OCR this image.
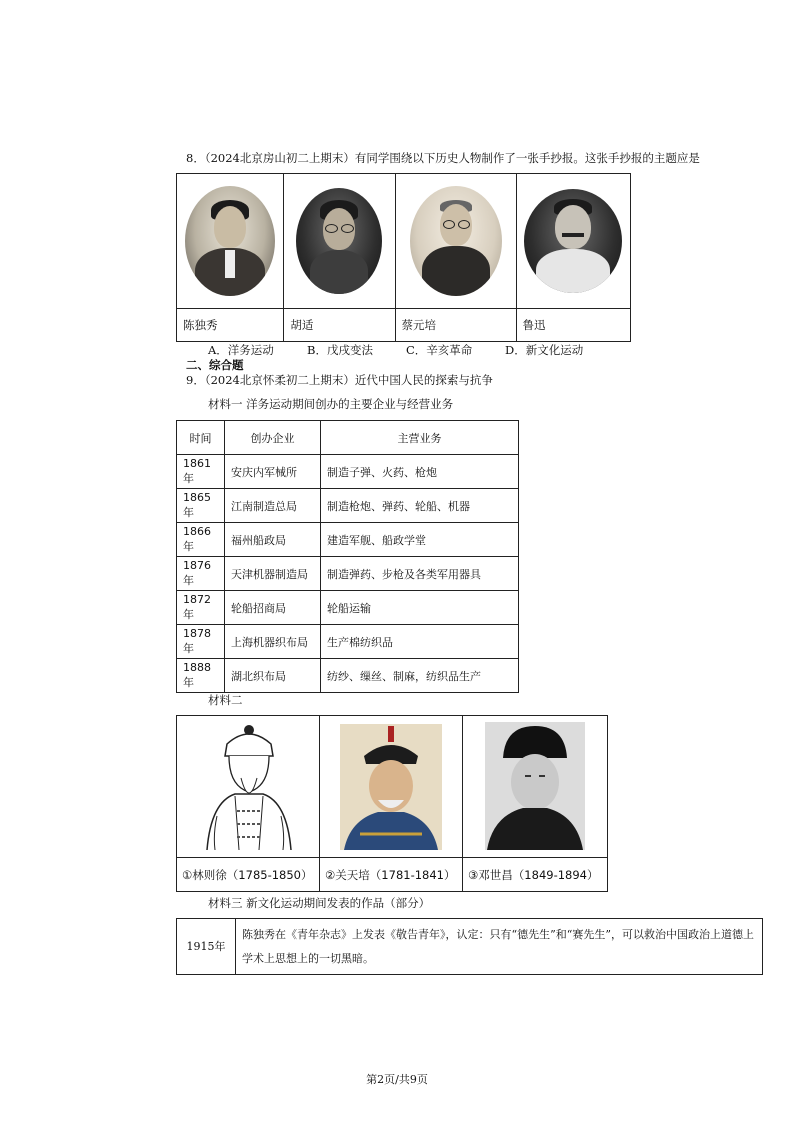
8．（2024北京房山初二上期末）有同学围绕以下历史人物制作了一张手抄报。这张手抄报的主题应是

陈独秀	胡适	蔡元培	鲁迅
A．洋务运动	B．戊戌变法	C．辛亥革命	D．新文化运动
二、综合题
9．（2024北京怀柔初二上期末）近代中国人民的探索与抗争
材料一 洋务运动期间创办的主要企业与经营业务
时间	创办企业	主营业务
1861 年	安庆内军械所	制造子弹、火药、枪炮
1865 年	江南制造总局	制造枪炮、弹药、轮船、机器
1866 年	福州船政局	建造军舰、船政学堂
1876 年	天津机器制造局	制造弹药、步枪及各类军用器具
1872 年	轮船招商局	轮船运输
1878 年	上海机器织布局	生产棉纺织品
1888 年	湖北织布局	纺纱、缫丝、制麻，纺织品生产
材料二

①林则徐（1785-1850）	②关天培（1781-1841）	③邓世昌（1849-1894）
材料三 新文化运动期间发表的作品（部分）
1915年	陈独秀在《青年杂志》上发表《敬告青年》，认定：只有“德先生”和“赛先生”，可以救治中国政治上道德上学术上思想上的一切黑暗。
第2页/共9页
